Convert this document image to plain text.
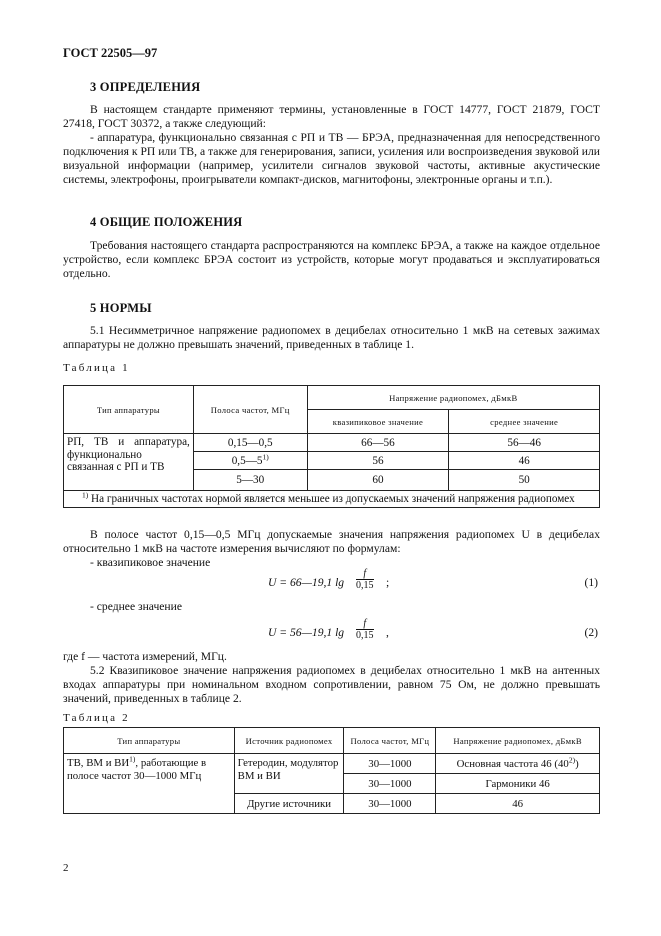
ГОСТ 22505—97
3 ОПРЕДЕЛЕНИЯ

В настоящем стандарте применяют термины, установленные в ГОСТ 14777, ГОСТ 21879, ГОСТ 27418, ГОСТ 30372, а также следующий:

- аппаратура, функционально связанная с РП и ТВ — БРЭА, предназначенная для непосредственного подключения к РП или ТВ, а также для генерирования, записи, усиления или воспроизведения звуковой или визуальной информации (например, усилители сигналов звуковой частоты, активные акустические системы, электрофоны, проигрыватели компакт-дисков, магнитофоны, электронные органы и т.п.).

4 ОБЩИЕ ПОЛОЖЕНИЯ

Требования настоящего стандарта распространяются на комплекс БРЭА, а также на каждое отдельное устройство, если комплекс БРЭА состоит из устройств, которые могут продаваться и эксплуатироваться отдельно.

5 НОРМЫ

5.1 Несимметричное напряжение радиопомех в децибелах относительно 1 мкВ на сетевых зажимах аппаратуры не должно превышать значений, приведенных в таблице 1.

Таблица 1
Тип аппаратуры	Полоса частот, МГц	Напряжение радиопомех, дБмкВ	
		квазипиковое значение	среднее значение
РП, ТВ и аппаратура, функционально связанная с РП и ТВ	0,15—0,5	66—56	56—46
	0,5—5$^{1)}$	56	46
	5—30	60	50
$^{1)}$ На граничных частотах нормой является меньшее из допускаемых значений напряжения радиопомех			

В полосе частот 0,15—0,5 МГц допускаемые значения напряжения радиопомех U в децибелах относительно 1 мкВ на частоте измерения вычисляют по формулам:

- квазипиковое значение
U = 66—19,1 $\lg \frac{f}{0,15}$ ;	(1)
- среднее значение
U = 56—19,1 $\lg \frac{f}{0,15}$ ,	(2)
где f — частота измерений, МГц.

5.2 Квазипиковое значение напряжения радиопомех в децибелах относительно 1 мкВ на антенных входах аппаратуры при номинальном входном сопротивлении, равном 75 Ом, не должно превышать значений, приведенных в таблице 2.

Таблица 2
Тип аппаратуры	Источник радиопомех	Полоса частот, МГц	Напряжение радиопомех, дБмкВ
ТВ, ВМ и ВИ$^{1)}$, работающие в полосе частот 30—1000 МГц	Гетеродин, модулятор ВМ и ВИ	30—1000	Основная частота 46 (40$^{2)}$)
		30—1000	Гармоники 46
	Другие источники	30—1000	46
2
